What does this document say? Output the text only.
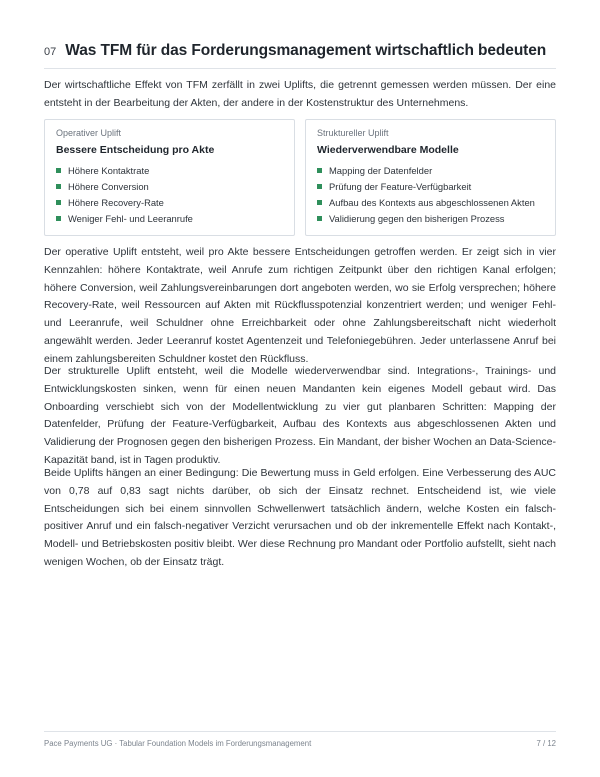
07 Was TFM für das Forderungsmanagement wirtschaftlich bedeuten

Der wirtschaftliche Effekt von TFM zerfällt in zwei Uplifts, die getrennt gemessen werden müssen. Der eine entsteht in der Bearbeitung der Akten, der andere in der Kostenstruktur des Unternehmens.

Operativer Uplift
Bessere Entscheidung pro Akte
Höhere Kontaktrate
Höhere Conversion
Höhere Recovery-Rate
Weniger Fehl- und Leeranrufe
Struktureller Uplift
Wiederverwendbare Modelle
Mapping der Datenfelder
Prüfung der Feature-Verfügbarkeit
Aufbau des Kontexts aus abgeschlossenen Akten
Validierung gegen den bisherigen Prozess

Der operative Uplift entsteht, weil pro Akte bessere Entscheidungen getroffen werden. Er zeigt sich in vier Kennzahlen: höhere Kontaktrate, weil Anrufe zum richtigen Zeitpunkt über den richtigen Kanal erfolgen; höhere Conversion, weil Zahlungsvereinbarungen dort angeboten werden, wo sie Erfolg versprechen; höhere Recovery-Rate, weil Ressourcen auf Akten mit Rückflusspotenzial konzentriert werden; und weniger Fehl- und Leeranrufe, weil Schuldner ohne Erreichbarkeit oder ohne Zahlungsbereitschaft nicht wiederholt angewählt werden. Jeder Leeranruf kostet Agentenzeit und Telefoniegebühren. Jeder unterlassene Anruf bei einem zahlungsbereiten Schuldner kostet den Rückfluss.

Der strukturelle Uplift entsteht, weil die Modelle wiederverwendbar sind. Integrations-, Trainings- und Entwicklungskosten sinken, wenn für einen neuen Mandanten kein eigenes Modell gebaut wird. Das Onboarding verschiebt sich von der Modellentwicklung zu vier gut planbaren Schritten: Mapping der Datenfelder, Prüfung der Feature-Verfügbarkeit, Aufbau des Kontexts aus abgeschlossenen Akten und Validierung der Prognosen gegen den bisherigen Prozess. Ein Mandant, der bisher Wochen an Data-Science-Kapazität band, ist in Tagen produktiv.

Beide Uplifts hängen an einer Bedingung: Die Bewertung muss in Geld erfolgen. Eine Verbesserung des AUC von 0,78 auf 0,83 sagt nichts darüber, ob sich der Einsatz rechnet. Entscheidend ist, wie viele Entscheidungen sich bei einem sinnvollen Schwellenwert tatsächlich ändern, welche Kosten ein falsch-positiver Anruf und ein falsch-negativer Verzicht verursachen und ob der inkrementelle Effekt nach Kontakt-, Modell- und Betriebskosten positiv bleibt. Wer diese Rechnung pro Mandant oder Portfolio aufstellt, sieht nach wenigen Wochen, ob der Einsatz trägt.

Pace Payments UG · Tabular Foundation Models im Forderungsmanagement	7 / 12
